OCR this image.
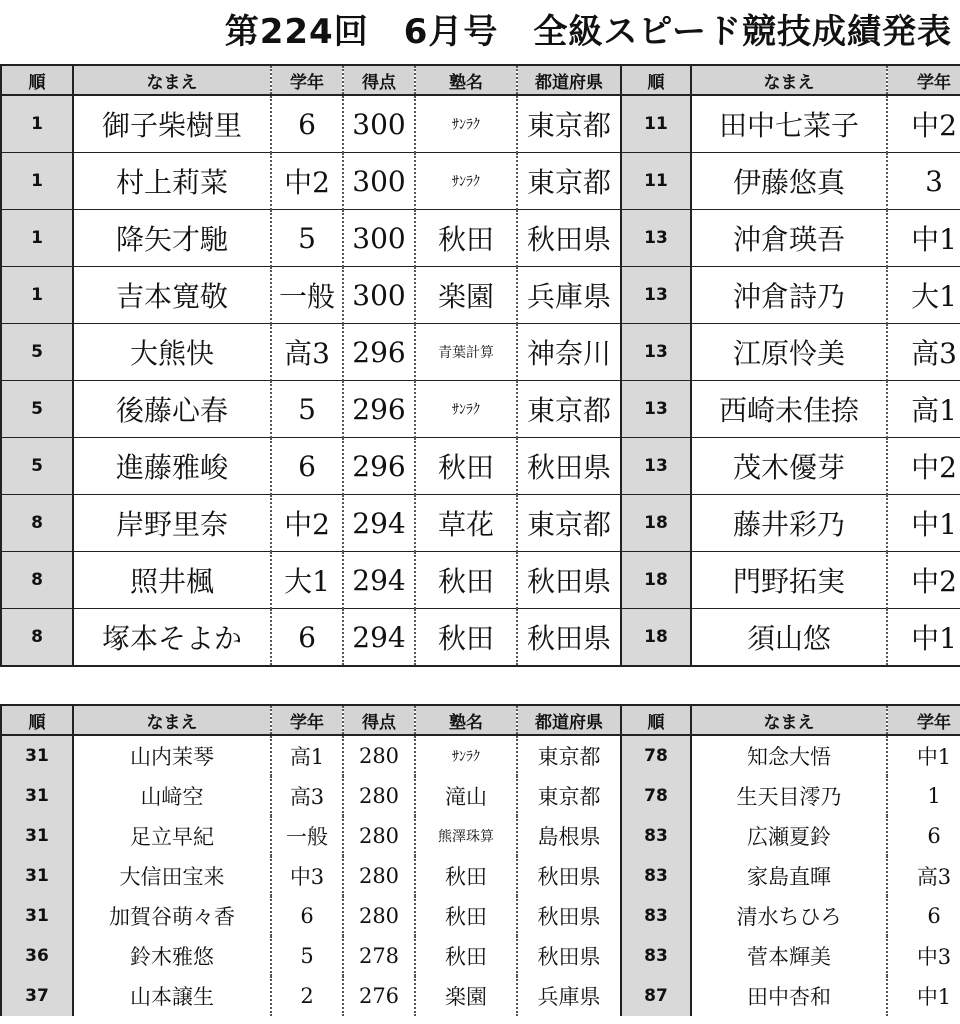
第224回　6月号　全級スピード競技成績発表
順	なまえ	学年	得点	塾名	都道府県	順	なまえ	学年
1	御子柴樹里	6	300	ｻﾝﾗｸ	東京都	11	田中七菜子	中2
1	村上莉菜	中2	300	ｻﾝﾗｸ	東京都	11	伊藤悠真	3
1	降矢才馳	5	300	秋田	秋田県	13	沖倉瑛吾	中1
1	吉本寛敬	一般	300	楽園	兵庫県	13	沖倉詩乃	大1
5	大熊快	高3	296	青葉計算	神奈川	13	江原怜美	高3
5	後藤心春	5	296	ｻﾝﾗｸ	東京都	13	西崎未佳捺	高1
5	進藤雅峻	6	296	秋田	秋田県	13	茂木優芽	中2
8	岸野里奈	中2	294	草花	東京都	18	藤井彩乃	中1
8	照井楓	大1	294	秋田	秋田県	18	門野拓実	中2
8	塚本そよか	6	294	秋田	秋田県	18	須山悠	中1
順	なまえ	学年	得点	塾名	都道府県	順	なまえ	学年
31	山内茉琴	高1	280	ｻﾝﾗｸ	東京都	78	知念大悟	中1
31	山﨑空	高3	280	滝山	東京都	78	生天目澪乃	1
31	足立早紀	一般	280	熊澤珠算	島根県	83	広瀬夏鈴	6
31	大信田宝来	中3	280	秋田	秋田県	83	家島直暉	高3
31	加賀谷萌々香	6	280	秋田	秋田県	83	清水ちひろ	6
36	鈴木雅悠	5	278	秋田	秋田県	83	菅本輝美	中3
37	山本譲生	2	276	楽園	兵庫県	87	田中杏和	中1
